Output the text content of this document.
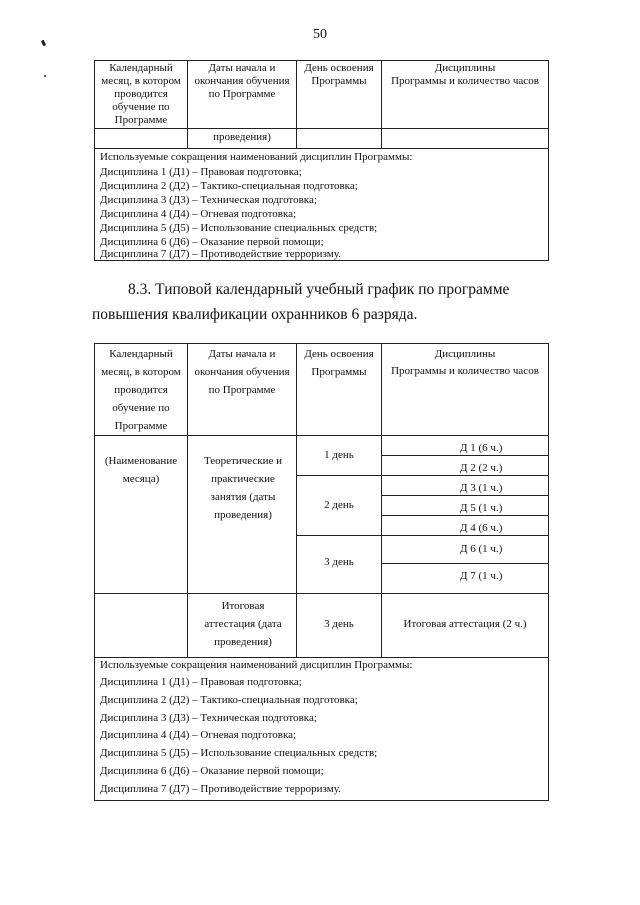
50
Календарный месяц, в котором проводится обучение по Программе
Даты начала и окончания обучения по Программе
День освоения Программы
Дисциплины
Программы и количество часов
проведения)
Используемые сокращения наименований дисциплин Программы:
Дисциплина 1 (Д1) – Правовая подготовка;
Дисциплина 2 (Д2) – Тактико-специальная подготовка;
Дисциплина 3 (Д3) – Техническая подготовка;
Дисциплина 4 (Д4) – Огневая подготовка;
Дисциплина 5 (Д5) – Использование специальных средств;
Дисциплина 6 (Д6) – Оказание первой помощи;
Дисциплина 7 (Д7) – Противодействие терроризму.
8.3. Типовой календарный учебный график по программе повышения квалификации охранников 6 разряда.
Календарный месяц, в котором проводится обучение по Программе
Даты начала и окончания обучения по Программе
День освоения Программы
Дисциплины
Программы и количество часов
(Наименование месяца)
Теоретические и практические занятия (даты проведения)
1 день
2 день
3 день
Д 1 (6 ч.)
Д 2 (2 ч.)
Д 3 (1 ч.)
Д 5 (1 ч.)
Д 4 (6 ч.)
Д 6 (1 ч.)
Д 7 (1 ч.)
Итоговая аттестация (дата проведения)
3 день	Итоговая аттестация (2 ч.)
Используемые сокращения наименований дисциплин Программы:
Дисциплина 1 (Д1) – Правовая подготовка;
Дисциплина 2 (Д2) – Тактико-специальная подготовка;
Дисциплина 3 (Д3) – Техническая подготовка;
Дисциплина 4 (Д4) – Огневая подготовка;
Дисциплина 5 (Д5) – Использование специальных средств;
Дисциплина 6 (Д6) – Оказание первой помощи;
Дисциплина 7 (Д7) – Противодействие терроризму.
